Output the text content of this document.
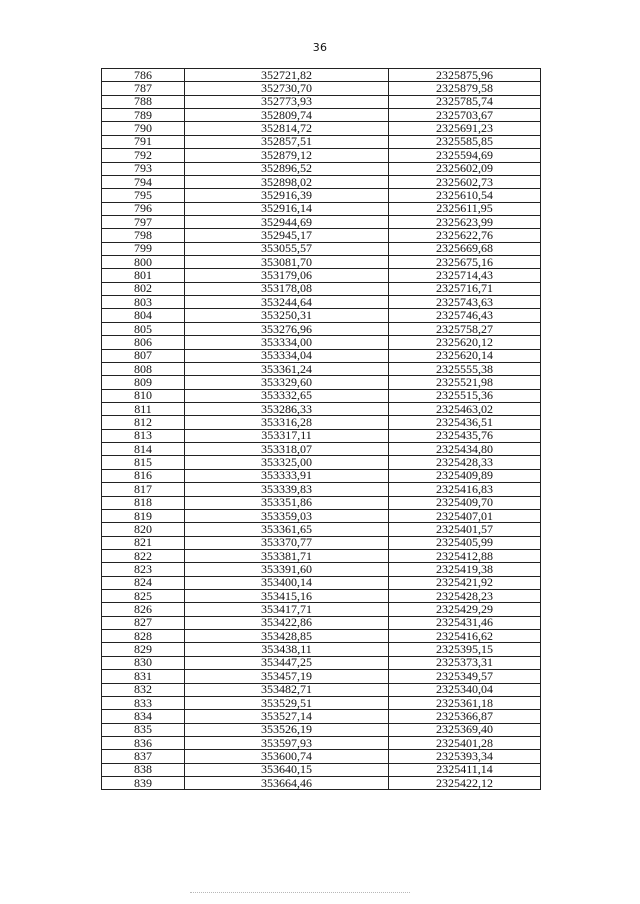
36
786	352721,82	2325875,96
787	352730,70	2325879,58
788	352773,93	2325785,74
789	352809,74	2325703,67
790	352814,72	2325691,23
791	352857,51	2325585,85
792	352879,12	2325594,69
793	352896,52	2325602,09
794	352898,02	2325602,73
795	352916,39	2325610,54
796	352916,14	2325611,95
797	352944,69	2325623,99
798	352945,17	2325622,76
799	353055,57	2325669,68
800	353081,70	2325675,16
801	353179,06	2325714,43
802	353178,08	2325716,71
803	353244,64	2325743,63
804	353250,31	2325746,43
805	353276,96	2325758,27
806	353334,00	2325620,12
807	353334,04	2325620,14
808	353361,24	2325555,38
809	353329,60	2325521,98
810	353332,65	2325515,36
811	353286,33	2325463,02
812	353316,28	2325436,51
813	353317,11	2325435,76
814	353318,07	2325434,80
815	353325,00	2325428,33
816	353333,91	2325409,89
817	353339,83	2325416,83
818	353351,86	2325409,70
819	353359,03	2325407,01
820	353361,65	2325401,57
821	353370,77	2325405,99
822	353381,71	2325412,88
823	353391,60	2325419,38
824	353400,14	2325421,92
825	353415,16	2325428,23
826	353417,71	2325429,29
827	353422,86	2325431,46
828	353428,85	2325416,62
829	353438,11	2325395,15
830	353447,25	2325373,31
831	353457,19	2325349,57
832	353482,71	2325340,04
833	353529,51	2325361,18
834	353527,14	2325366,87
835	353526,19	2325369,40
836	353597,93	2325401,28
837	353600,74	2325393,34
838	353640,15	2325411,14
839	353664,46	2325422,12
